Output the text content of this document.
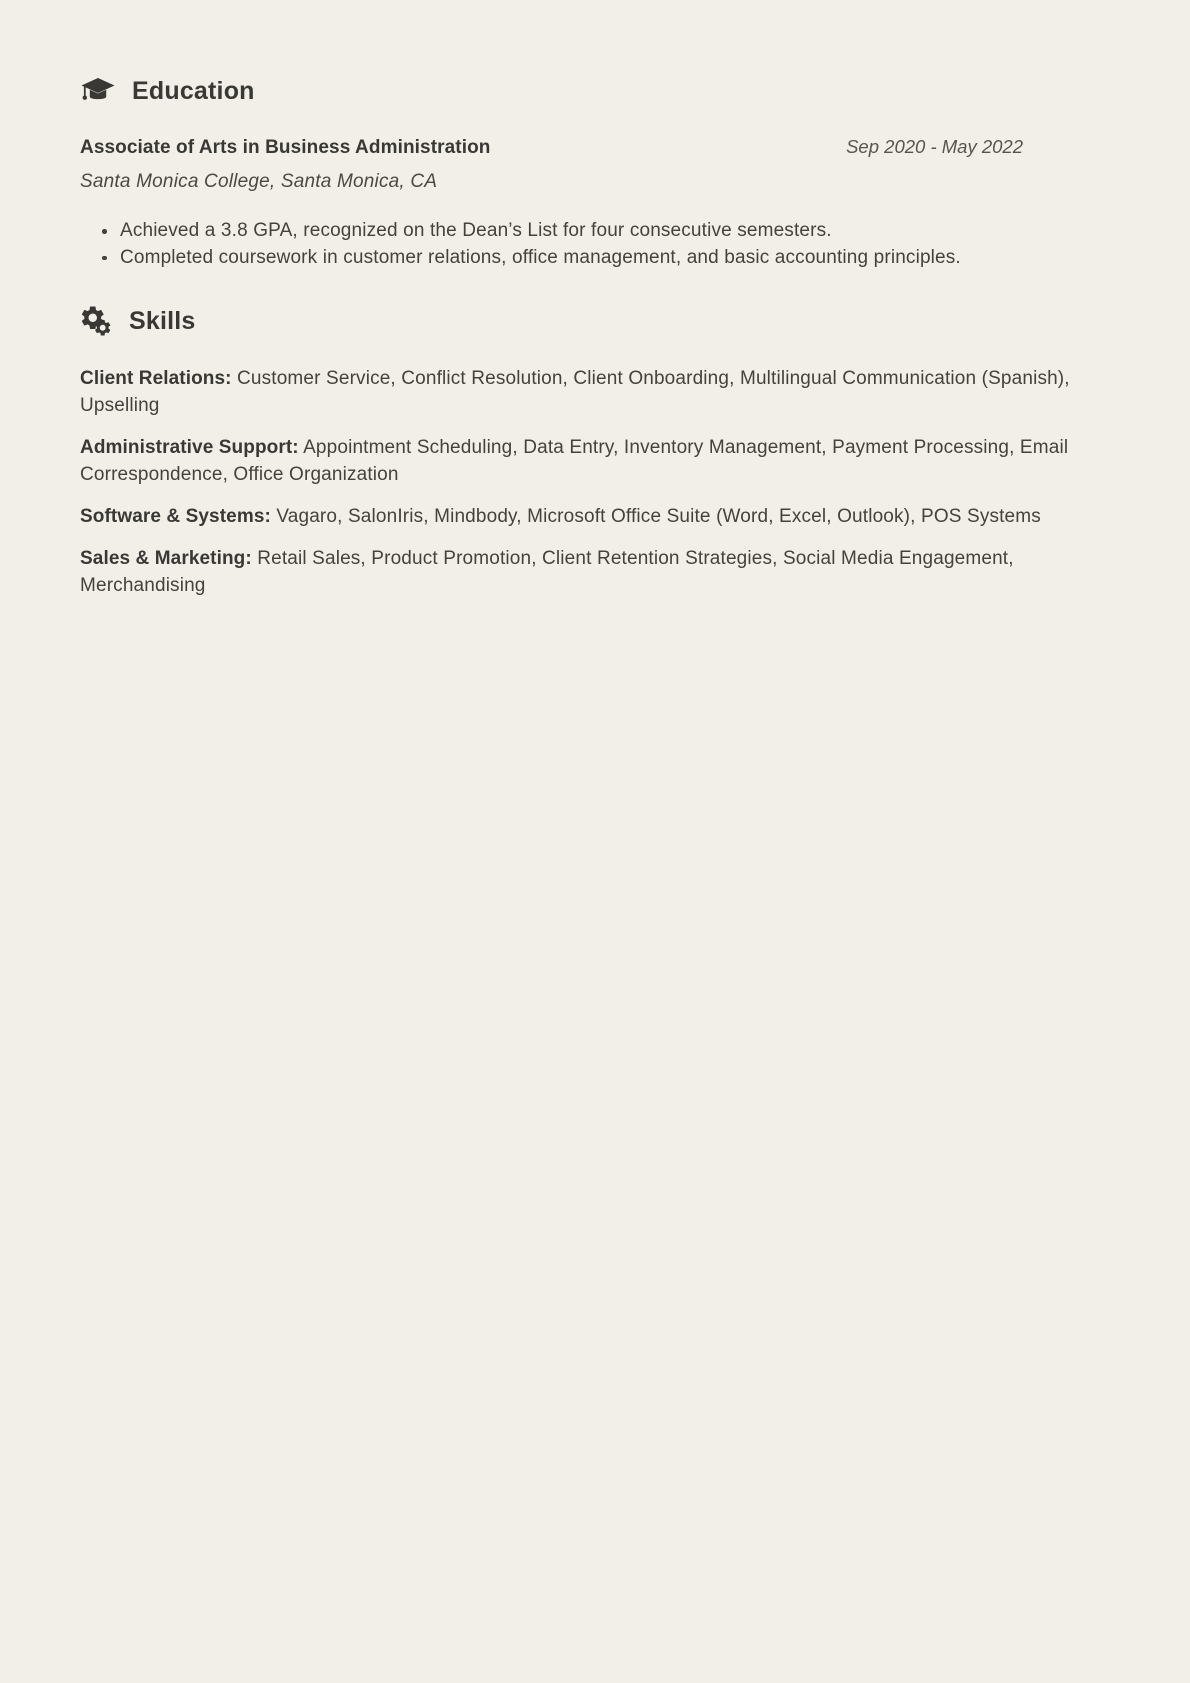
Education
Associate of Arts in Business Administration	Sep 2020 - May 2022
Santa Monica College, Santa Monica, CA
Achieved a 3.8 GPA, recognized on the Dean’s List for four consecutive semesters.
Completed coursework in customer relations, office management, and basic accounting principles.
Skills

Client Relations: Customer Service, Conflict Resolution, Client Onboarding, Multilingual Communication (Spanish), Upselling

Administrative Support: Appointment Scheduling, Data Entry, Inventory Management, Payment Processing, Email Correspondence, Office Organization

Software & Systems: Vagaro, SalonIris, Mindbody, Microsoft Office Suite (Word, Excel, Outlook), POS Systems

Sales & Marketing: Retail Sales, Product Promotion, Client Retention Strategies, Social Media Engagement, Merchandising
